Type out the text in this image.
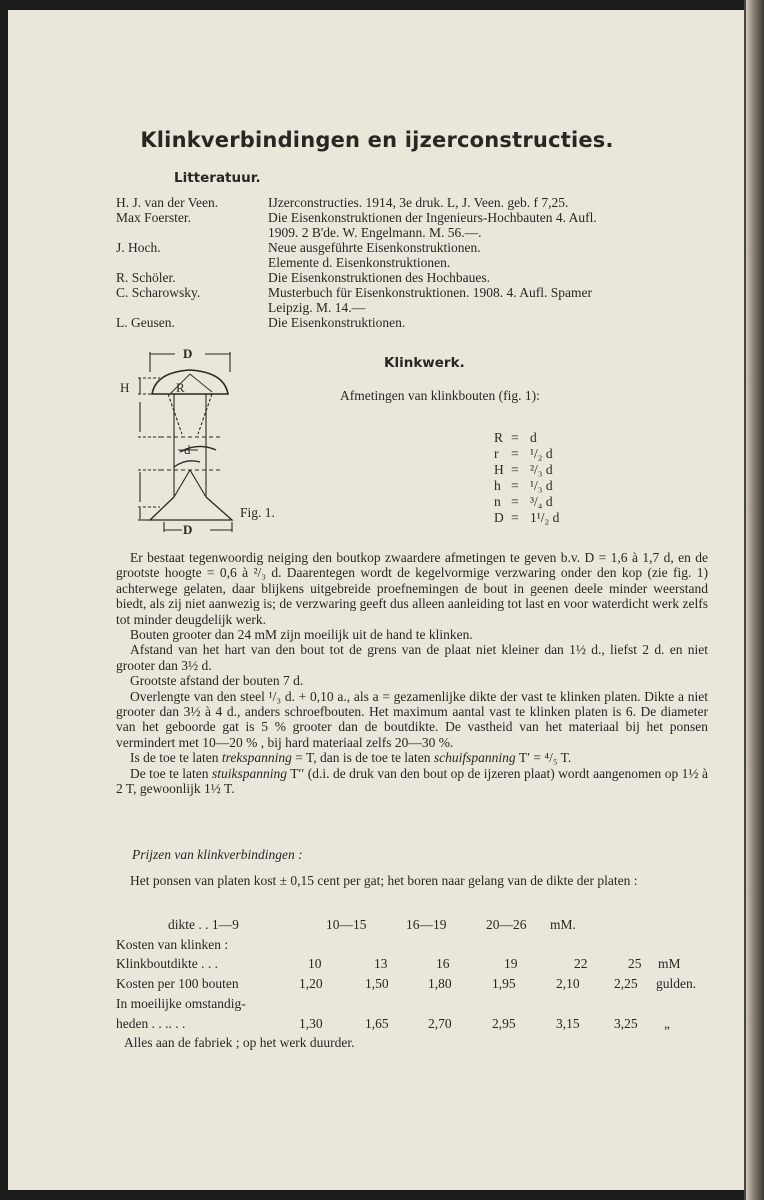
Klinkverbindingen en ijzerconstructies.
Litteratuur.
H. J. van der Veen.	IJzerconstructies. 1914, 3e druk. L, J. Veen. geb. f 7,25.
Max Foerster.	Die Eisenkonstruktionen der Ingenieurs-Hochbauten 4. Aufl.
1909. 2 B'de. W. Engelmann. M. 56.—.
J. Hoch.	Neue ausgeführte Eisenkonstruktionen.
Elemente d. Eisenkonstruktionen.
R. Schöler.	Die Eisenkonstruktionen des Hochbaues.
C. Scharowsky.	Musterbuch für Eisenkonstruktionen. 1908. 4. Aufl. Spamer
Leipzig. M. 14.—
L. Geusen.	Die Eisenkonstruktionen.
D
R
H
d
D
Fig. 1.
Klinkwerk.
Afmetingen van klinkbouten (fig. 1):
R = d
r = ¹/₂ d
H = ²/₃ d
h = ¹/₃ d
n = ³/₄ d
D = 1¹/₂ d

Er bestaat tegenwoordig neiging den boutkop zwaardere afmetingen te geven b.v. D = 1,6 à 1,7 d, en de grootste hoogte = 0,6 à ²/₃ d. Daarentegen wordt de kegelvormige verzwaring onder den kop (zie fig. 1) achterwege gelaten, daar blijkens uitgebreide proefnemingen de bout in geenen deele minder weerstand biedt, als zij niet aanwezig is; de verzwaring geeft dus alleen aanleiding tot last en voor waterdicht werk zelfs tot minder deugdelijk werk.

Bouten grooter dan 24 mM zijn moeilijk uit de hand te klinken.

Afstand van het hart van den bout tot de grens van de plaat niet kleiner dan 1½ d., liefst 2 d. en niet grooter dan 3½ d.

Grootste afstand der bouten 7 d.

Overlengte van den steel ¹/₃ d. + 0,10 a., als a = gezamenlijke dikte der vast te klinken platen. Dikte a niet grooter dan 3½ à 4 d., anders schroefbouten. Het maximum aantal vast te klinken platen is 6. De diameter van het geboorde gat is 5 % grooter dan de boutdikte. De vastheid van het materiaal bij het ponsen vermindert met 10—20 % , bij hard materiaal zelfs 20—30 %.

Is de toe te laten trekspanning = T, dan is de toe te laten schuifspanning T′ = ⁴/₅ T.

De toe te laten stuikspanning T′′ (d.i. de druk van den bout op de ijzeren plaat) wordt aangenomen op 1½ à 2 T, gewoonlijk 1½ T.

Prijzen van klinkverbindingen :

Het ponsen van platen kost ± 0,15 cent per gat; het boren naar gelang van de dikte der platen :

dikte . . 1—9	10—15	16—19	20—26 mM.
Kosten van klinken :
Klinkboutdikte . . .	10	13	16	19	22	25 mM
Kosten per 100 bouten	1,20	1,50	1,80	1,95	2,10	2,25 gulden.
In moeilijke omstandig-
heden . . .. . .	1,30	1,65	2,70	2,95	3,15	3,25 „
Alles aan de fabriek ; op het werk duurder.
